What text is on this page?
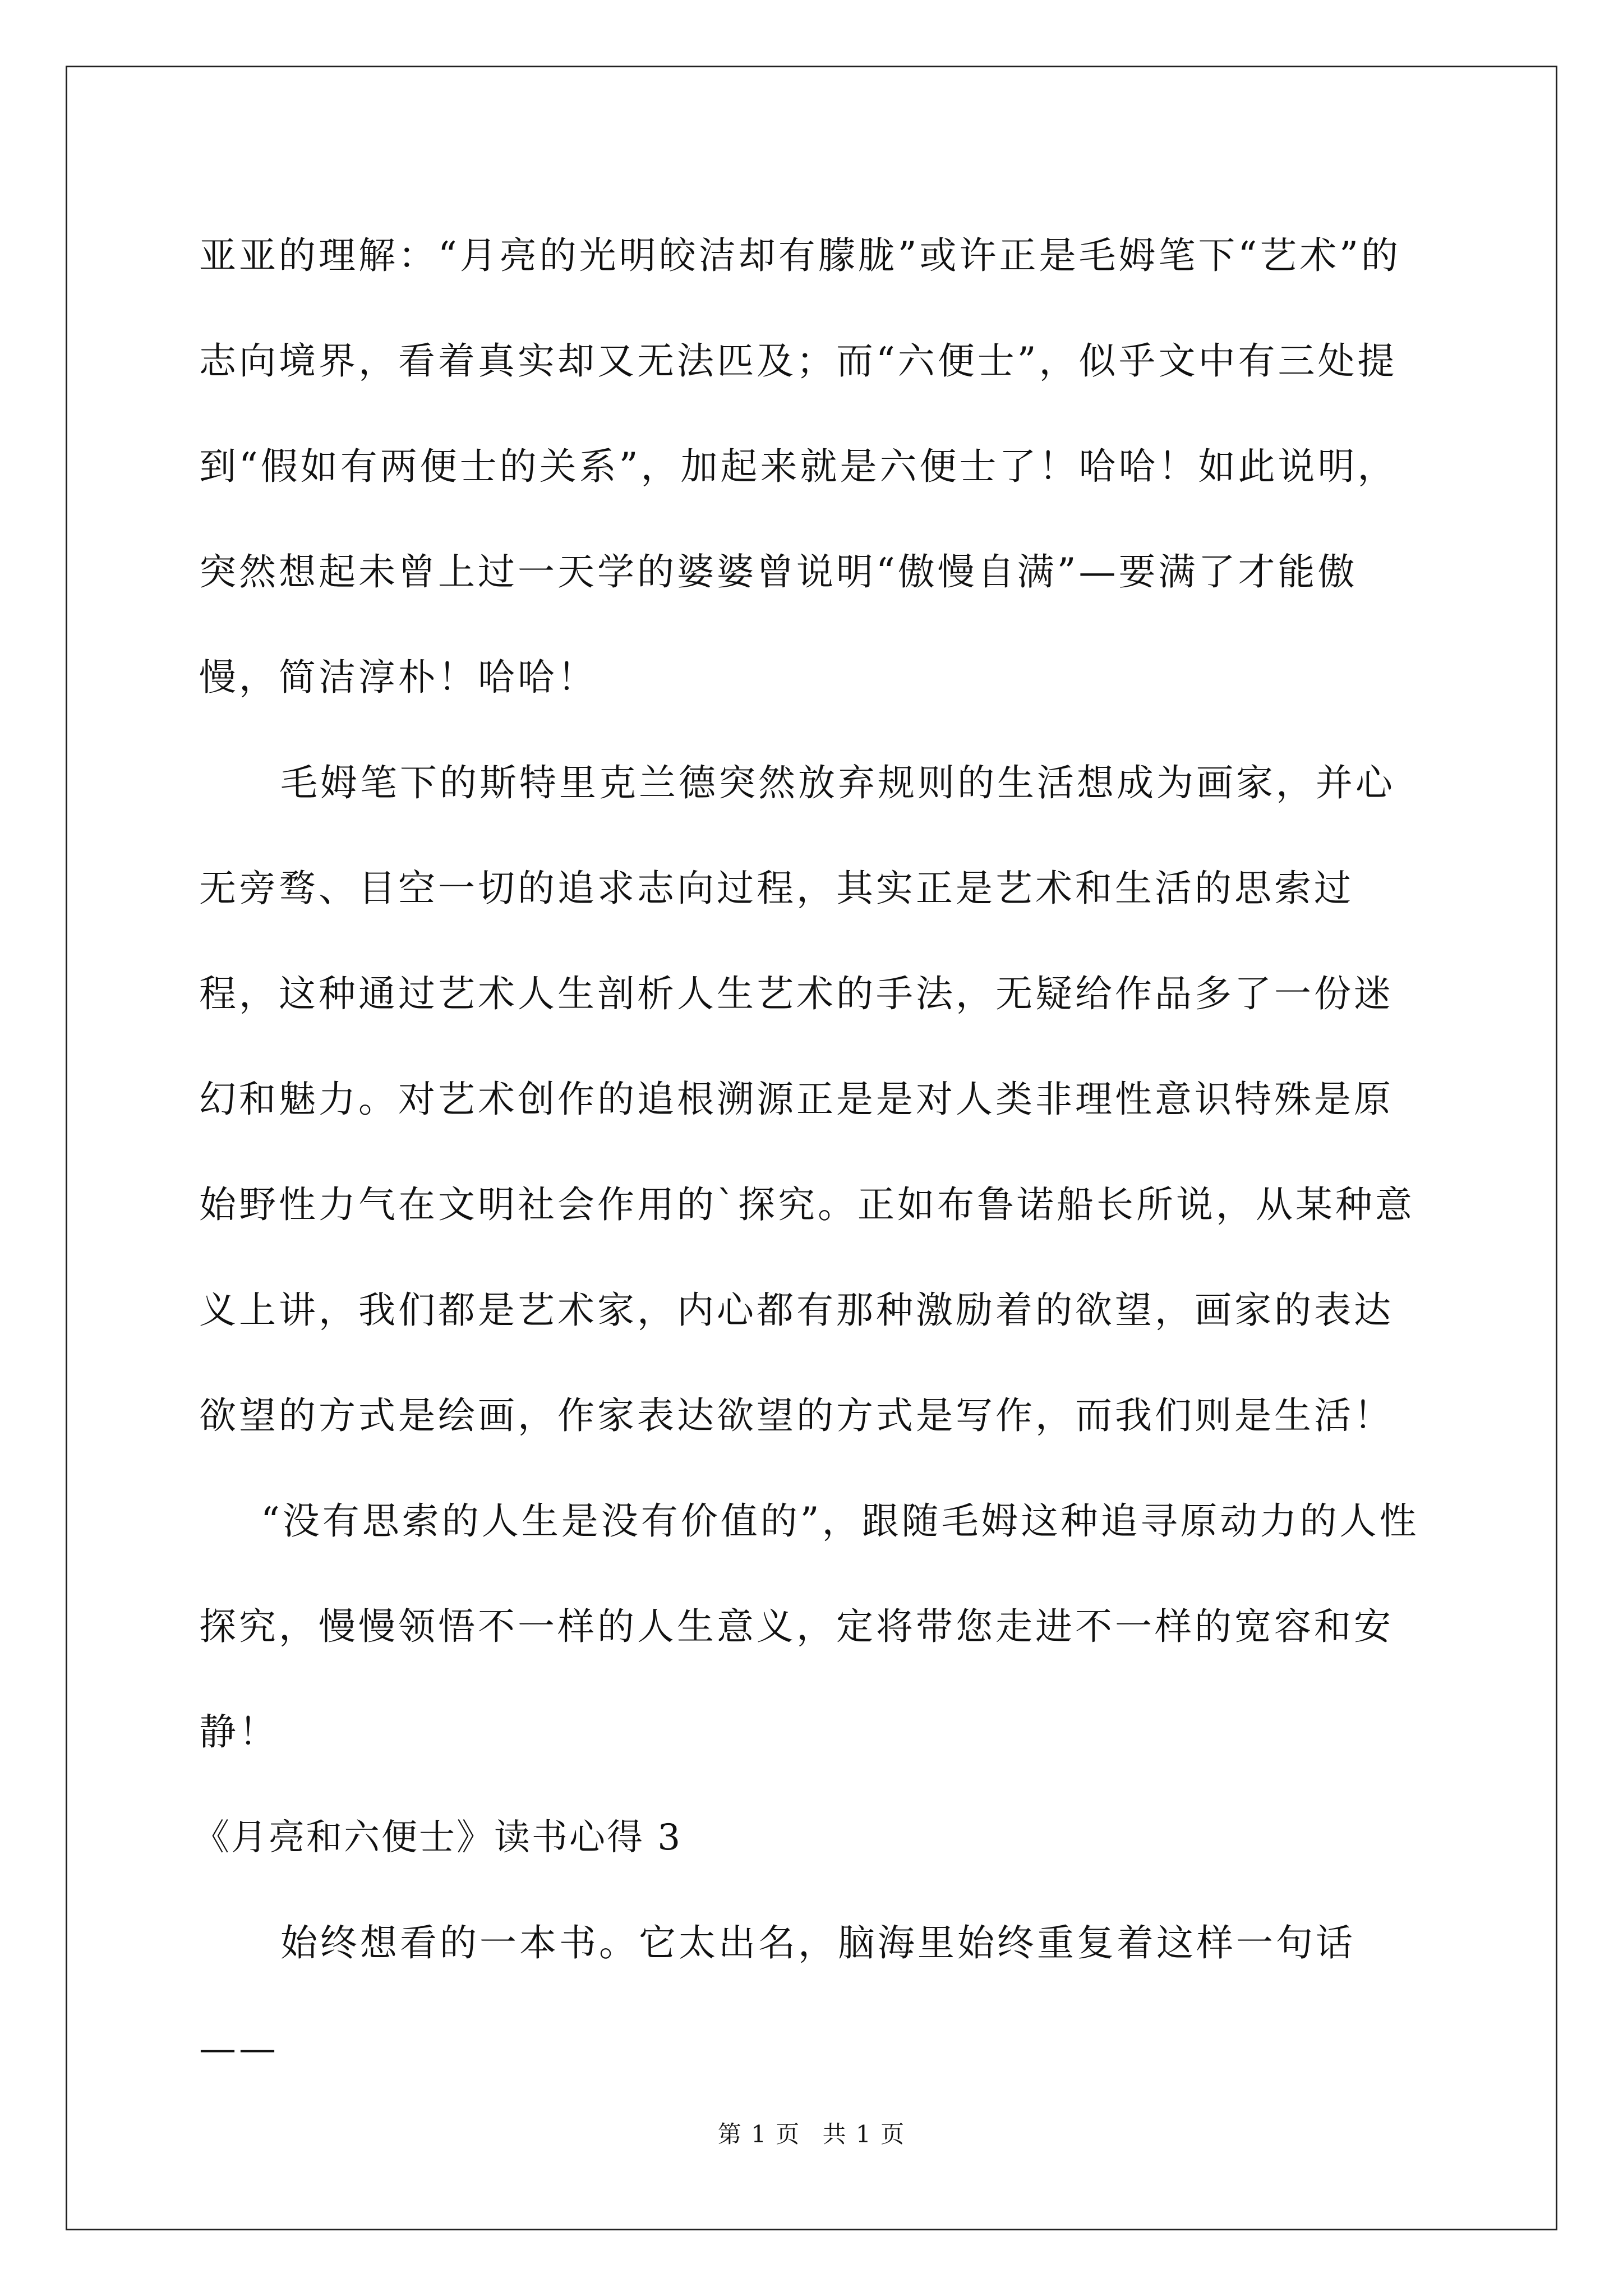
亚亚的理解：“月亮的光明皎洁却有朦胧”或许正是毛姆笔下“艺术”的志向境界，看着真实却又无法匹及；而“六便士”，似乎文中有三处提到“假如有两便士的关系”，加起来就是六便士了！哈哈！如此说明，突然想起未曾上过一天学的婆婆曾说明“傲慢自满”—要满了才能傲慢，简洁淳朴！哈哈！

毛姆笔下的斯特里克兰德突然放弃规则的生活想成为画家，并心无旁骛、目空一切的追求志向过程，其实正是艺术和生活的思索过程，这种通过艺术人生剖析人生艺术的手法，无疑给作品多了一份迷幻和魅力。对艺术创作的追根溯源正是是对人类非理性意识特殊是原始野性力气在文明社会作用的`探究。正如布鲁诺船长所说，从某种意义上讲，我们都是艺术家，内心都有那种激励着的欲望，画家的表达欲望的方式是绘画，作家表达欲望的方式是写作，而我们则是生活！

“没有思索的人生是没有价值的”，跟随毛姆这种追寻原动力的人性探究，慢慢领悟不一样的人生意义，定将带您走进不一样的宽容和安静！

《月亮和六便士》读书心得 3

始终想看的一本书。它太出名，脑海里始终重复着这样一句话——

第 1 页 共 1 页
